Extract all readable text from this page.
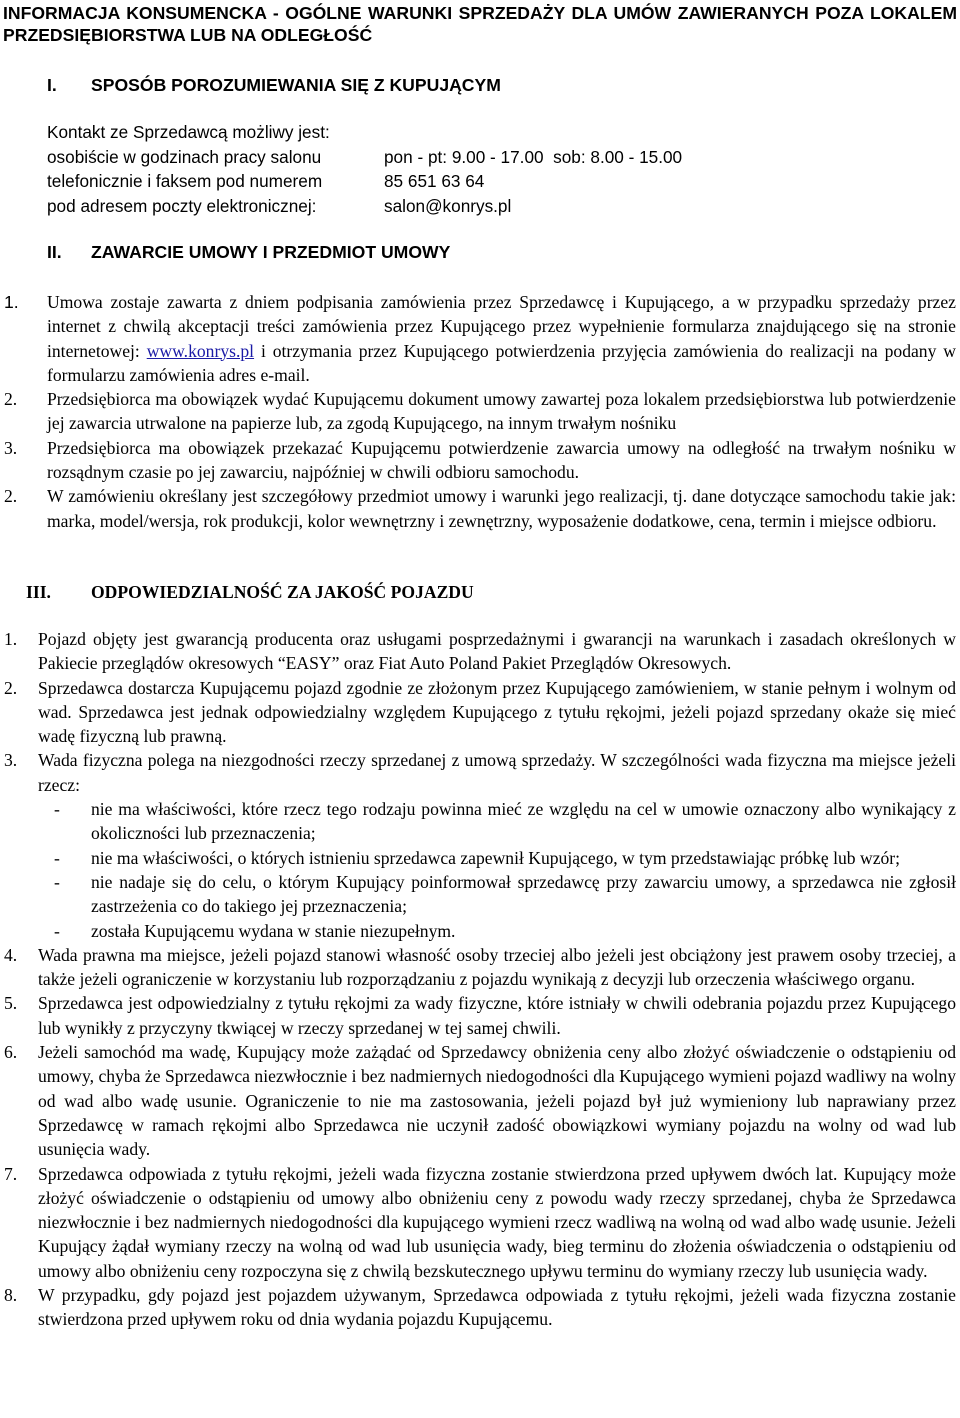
INFORMACJA KONSUMENCKA - OGÓLNE WARUNKI SPRZEDAŻY DLA UMÓW ZAWIERANYCH POZA LOKALEM PRZEDSIĘBIORSTWA LUB NA ODLEGŁOŚĆ
I. SPOSÓB POROZUMIEWANIA SIĘ Z KUPUJĄCYM
Kontakt ze Sprzedawcą możliwy jest:
osobiście w godzinach pracy salonu	pon - pt: 9.00 - 17.00  sob: 8.00 - 15.00
telefonicznie i faksem pod numerem	85 651 63 64
pod adresem poczty elektronicznej:	salon@konrys.pl
II. ZAWARCIE UMOWY I PRZEDMIOT UMOWY
1. Umowa zostaje zawarta z dniem podpisania zamówienia przez Sprzedawcę i Kupującego, a w przypadku sprzedaży przez internet z chwilą akceptacji treści zamówienia przez Kupującego przez wypełnienie formularza znajdującego się na stronie internetowej: www.konrys.pl i otrzymania przez Kupującego potwierdzenia przyjęcia zamówienia do realizacji na podany w formularzu zamówienia adres e-mail.
2. Przedsiębiorca ma obowiązek wydać Kupującemu dokument umowy zawartej poza lokalem przedsiębiorstwa lub potwierdzenie jej zawarcia utrwalone na papierze lub, za zgodą Kupującego, na innym trwałym nośniku
3. Przedsiębiorca ma obowiązek przekazać Kupującemu potwierdzenie zawarcia umowy na odległość na trwałym nośniku w rozsądnym czasie po jej zawarciu, najpóźniej w chwili odbioru samochodu.
2. W zamówieniu określany jest szczegółowy przedmiot umowy i warunki jego realizacji, tj. dane dotyczące samochodu takie jak: marka, model/wersja, rok produkcji, kolor wewnętrzny i zewnętrzny, wyposażenie dodatkowe, cena, termin i miejsce odbioru.
III. ODPOWIEDZIALNOŚĆ ZA JAKOŚĆ POJAZDU
1. Pojazd objęty jest gwarancją producenta oraz usługami posprzedażnymi i gwarancji na warunkach i zasadach określonych w Pakiecie przeglądów okresowych “EASY” oraz Fiat Auto Poland Pakiet Przeglądów Okresowych.
2. Sprzedawca dostarcza Kupującemu pojazd zgodnie ze złożonym przez Kupującego zamówieniem, w stanie pełnym i wolnym od wad. Sprzedawca jest jednak odpowiedzialny względem Kupującego z tytułu rękojmi, jeżeli pojazd sprzedany okaże się mieć wadę fizyczną lub prawną.
3. Wada fizyczna polega na niezgodności rzeczy sprzedanej z umową sprzedaży. W szczególności wada fizyczna ma miejsce jeżeli rzecz:
- nie ma właściwości, które rzecz tego rodzaju powinna mieć ze względu na cel w umowie oznaczony albo wynikający z okoliczności lub przeznaczenia;
- nie ma właściwości, o których istnieniu sprzedawca zapewnił Kupującego, w tym przedstawiając próbkę lub wzór;
- nie nadaje się do celu, o którym Kupujący poinformował sprzedawcę przy zawarciu umowy, a sprzedawca nie zgłosił zastrzeżenia co do takiego jej przeznaczenia;
- została Kupującemu wydana w stanie niezupełnym.
4. Wada prawna ma miejsce, jeżeli pojazd stanowi własność osoby trzeciej albo jeżeli jest obciążony jest prawem osoby trzeciej, a także jeżeli ograniczenie w korzystaniu lub rozporządzaniu z pojazdu wynikają z decyzji lub orzeczenia właściwego organu.
5. Sprzedawca jest odpowiedzialny z tytułu rękojmi za wady fizyczne, które istniały w chwili odebrania pojazdu przez Kupującego lub wynikły z przyczyny tkwiącej w rzeczy sprzedanej w tej samej chwili.
6. Jeżeli samochód ma wadę, Kupujący może zażądać od Sprzedawcy obniżenia ceny albo złożyć oświadczenie o odstąpieniu od umowy, chyba że Sprzedawca niezwłocznie i bez nadmiernych niedogodności dla Kupującego wymieni pojazd wadliwy na wolny od wad albo wadę usunie. Ograniczenie to nie ma zastosowania, jeżeli pojazd był już wymieniony lub naprawiany przez Sprzedawcę w ramach rękojmi albo Sprzedawca nie uczynił zadość obowiązkowi wymiany pojazdu na wolny od wad lub usunięcia wady.
7. Sprzedawca odpowiada z tytułu rękojmi, jeżeli wada fizyczna zostanie stwierdzona przed upływem dwóch lat. Kupujący może złożyć oświadczenie o odstąpieniu od umowy albo obniżeniu ceny z powodu wady rzeczy sprzedanej, chyba że Sprzedawca niezwłocznie i bez nadmiernych niedogodności dla kupującego wymieni rzecz wadliwą na wolną od wad albo wadę usunie. Jeżeli Kupujący żądał wymiany rzeczy na wolną od wad lub usunięcia wady, bieg terminu do złożenia oświadczenia o odstąpieniu od umowy albo obniżeniu ceny rozpoczyna się z chwilą bezskutecznego upływu terminu do wymiany rzeczy lub usunięcia wady.
8. W przypadku, gdy pojazd jest pojazdem używanym, Sprzedawca odpowiada z tytułu rękojmi, jeżeli wada fizyczna zostanie stwierdzona przed upływem roku od dnia wydania pojazdu Kupującemu.
